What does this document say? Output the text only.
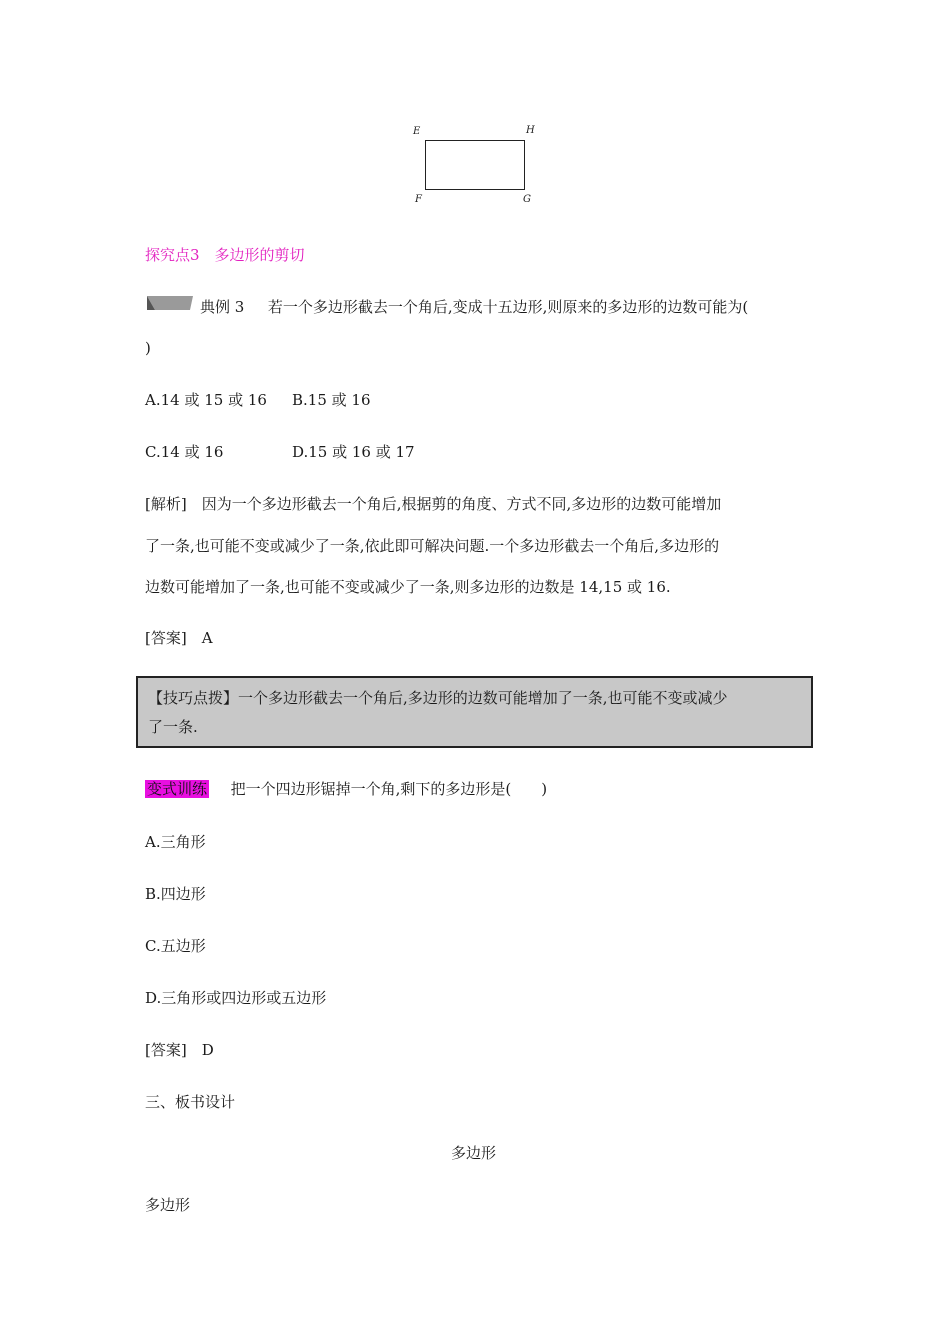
E	H
F	G
探究点3　多边形的剪切
典例 3 若一个多边形截去一个角后,变成十五边形,则原来的多边形的边数可能为(
)
A.14 或 15 或 16 B.15 或 16
C.14 或 16	D.15 或 16 或 17
[解析]　因为一个多边形截去一个角后,根据剪的角度、方式不同,多边形的边数可能增加
了一条,也可能不变或减少了一条,依此即可解决问题.一个多边形截去一个角后,多边形的
边数可能增加了一条,也可能不变或减少了一条,则多边形的边数是 14,15 或 16.
[答案]　A
【技巧点拨】一个多边形截去一个角后,多边形的边数可能增加了一条,也可能不变或减少
了一条.
变式训练 把一个四边形锯掉一个角,剩下的多边形是(　　)
A.三角形
B.四边形
C.五边形
D.三角形或四边形或五边形
[答案]　D
三、板书设计
多边形
多边形
